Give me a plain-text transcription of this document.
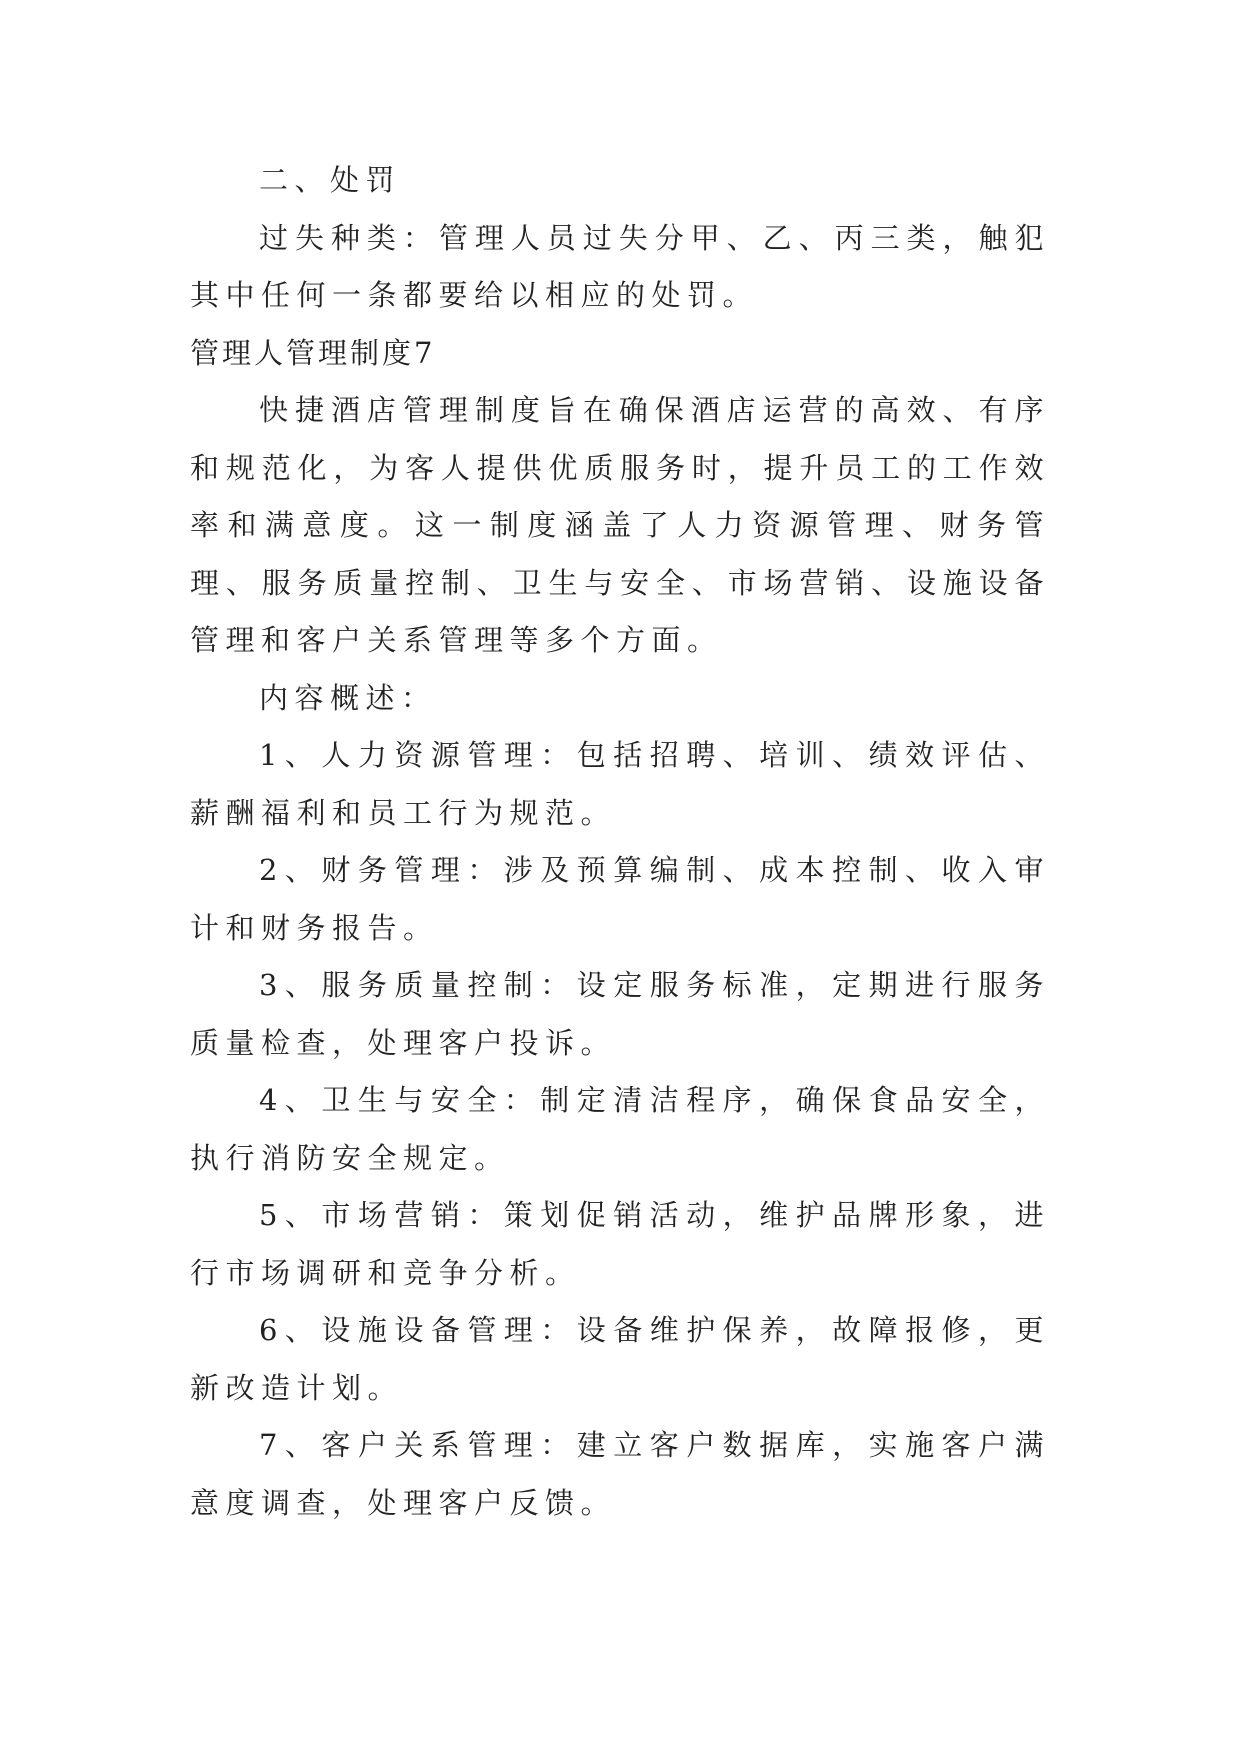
二、处罚

过失种类：管理人员过失分甲、乙、丙三类，触犯其中任何一条都要给以相应的处罚。

管理人管理制度7

快捷酒店管理制度旨在确保酒店运营的高效、有序和规范化，为客人提供优质服务时，提升员工的工作效率和满意度。这一制度涵盖了人力资源管理、财务管理、服务质量控制、卫生与安全、市场营销、设施设备管理和客户关系管理等多个方面。

内容概述：

1、人力资源管理：包括招聘、培训、绩效评估、薪酬福利和员工行为规范。

2、财务管理：涉及预算编制、成本控制、收入审计和财务报告。

3、服务质量控制：设定服务标准，定期进行服务质量检查，处理客户投诉。

4、卫生与安全：制定清洁程序，确保食品安全，执行消防安全规定。

5、市场营销：策划促销活动，维护品牌形象，进行市场调研和竞争分析。

6、设施设备管理：设备维护保养，故障报修，更新改造计划。

7、客户关系管理：建立客户数据库，实施客户满意度调查，处理客户反馈。
